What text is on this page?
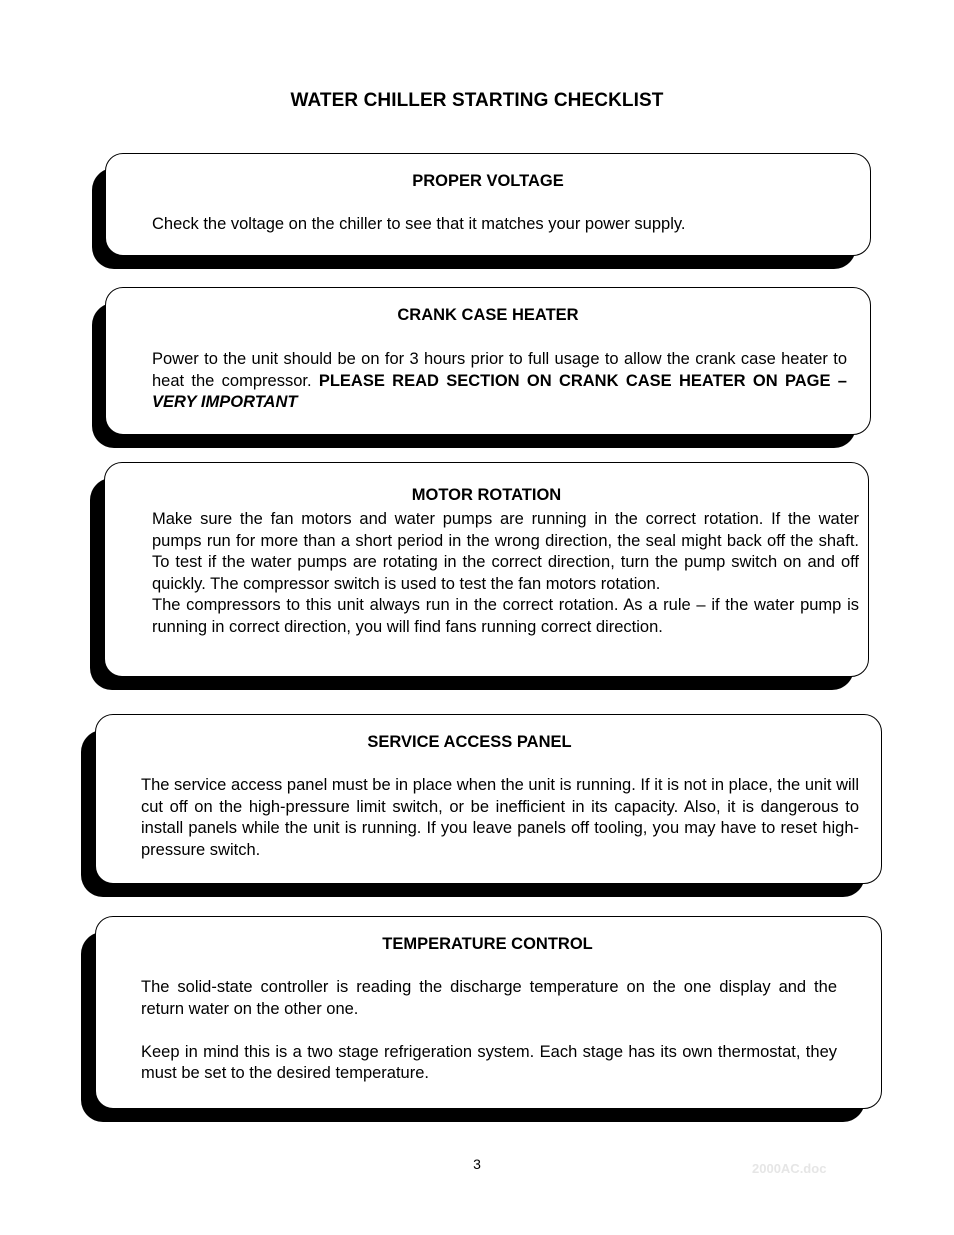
WATER CHILLER STARTING CHECKLIST
PROPER VOLTAGE
Check the voltage on the chiller to see that it matches your power supply.
CRANK CASE HEATER

Power to the unit should be on for 3 hours prior to full usage to allow the crank case heater to heat the compressor. PLEASE READ SECTION ON CRANK CASE HEATER ON PAGE – VERY IMPORTANT

MOTOR ROTATION

Make sure the fan motors and water pumps are running in the correct rotation. If the water pumps run for more than a short period in the wrong direction, the seal might back off the shaft. To test if the water pumps are rotating in the correct direction, turn the pump switch on and off quickly. The compressor switch is used to test the fan motors rotation.

The compressors to this unit always run in the correct rotation. As a rule – if the water pump is running in correct direction, you will find fans running correct direction.

SERVICE ACCESS PANEL
The service access panel must be in place when the unit is running. If it is not in place, the unit will cut off on the high-pressure limit switch, or be inefficient in its capacity. Also, it is dangerous to install panels while the unit is running. If you leave panels off tooling, you may have to reset high-pressure switch.
TEMPERATURE CONTROL

The solid-state controller is reading the discharge temperature on the one display and the return water on the other one.

Keep in mind this is a two stage refrigeration system. Each stage has its own thermostat, they must be set to the desired temperature.

3	2000AC.doc
